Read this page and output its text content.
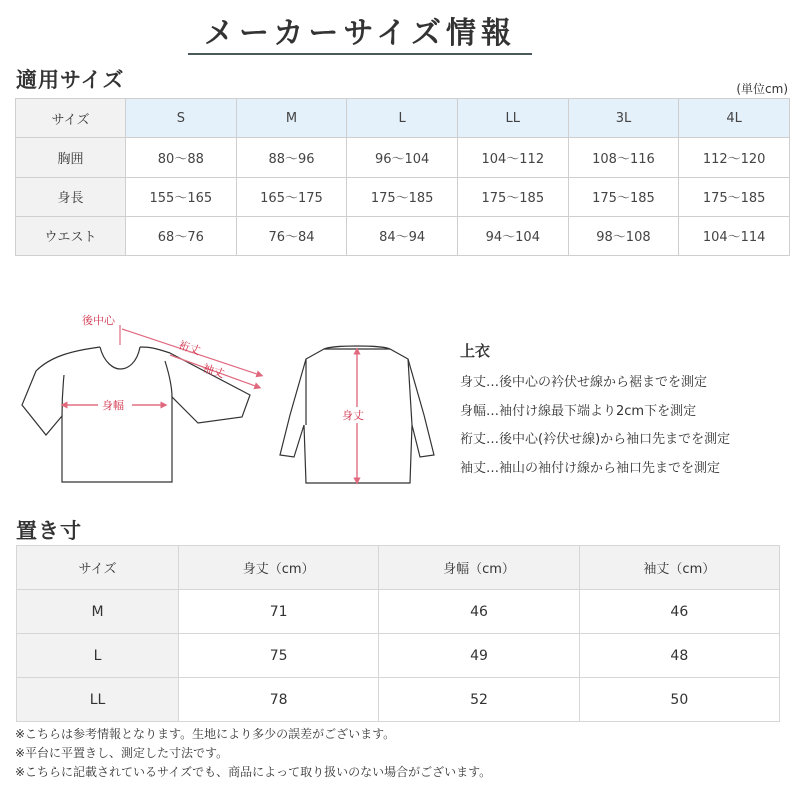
メーカーサイズ情報
適用サイズ	(単位cm)
サイズ	S	M	L	LL	3L	4L
胸囲	80〜88	88〜96	96〜104	104〜112	108〜116	112〜120
身長	155〜165	165〜175	175〜185	175〜185	175〜185	175〜185
ウエスト	68〜76	76〜84	84〜94	94〜104	98〜108	104〜114
後中心
裄丈
袖丈
身幅
身丈
上衣
身丈…後中心の衿伏せ線から裾までを測定
身幅…袖付け線最下端より2cm下を測定
裄丈…後中心(衿伏せ線)から袖口先までを測定
袖丈…袖山の袖付け線から袖口先までを測定
置き寸
サイズ	身丈（cm）	身幅（cm）	袖丈（cm）
M	71	46	46
L	75	49	48
LL	78	52	50
※こちらは参考情報となります。生地により多少の誤差がございます。
※平台に平置きし、測定した寸法です。
※こちらに記載されているサイズでも、商品によって取り扱いのない場合がございます。
